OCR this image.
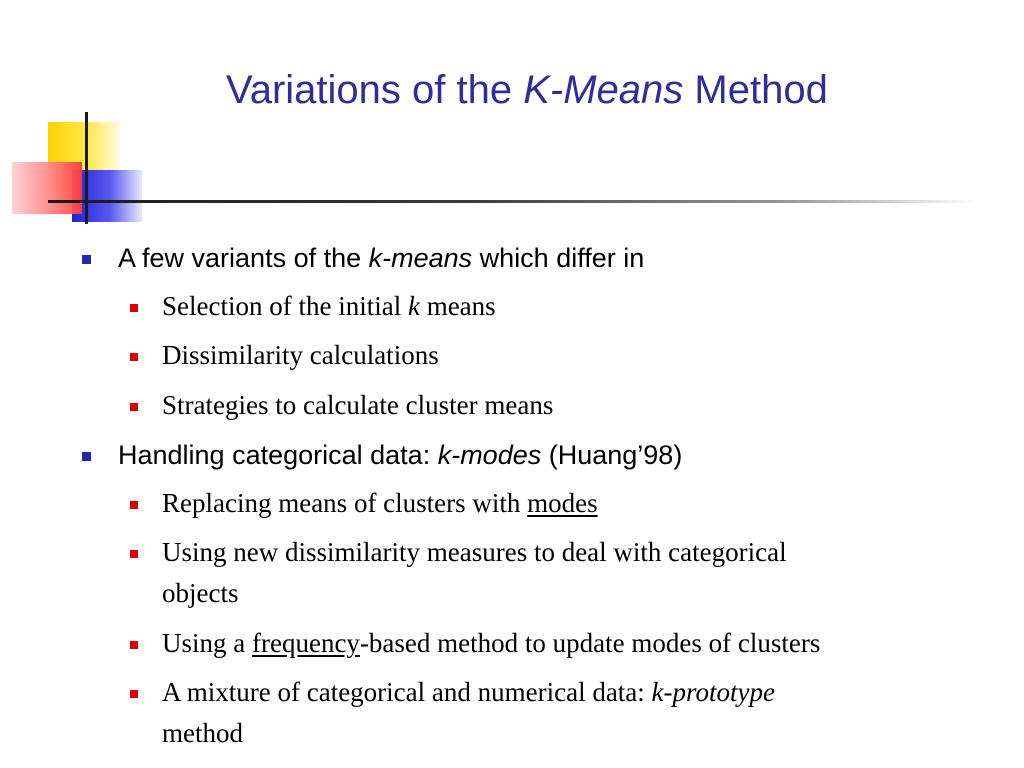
Variations of the K-Means Method
A few variants of the k-means which differ in
Selection of the initial k means
Dissimilarity calculations
Strategies to calculate cluster means
Handling categorical data: k-modes (Huang’98)
Replacing means of clusters with modes
Using new dissimilarity measures to deal with categorical
objects
Using a frequency-based method to update modes of clusters
A mixture of categorical and numerical data: k-prototype
method
